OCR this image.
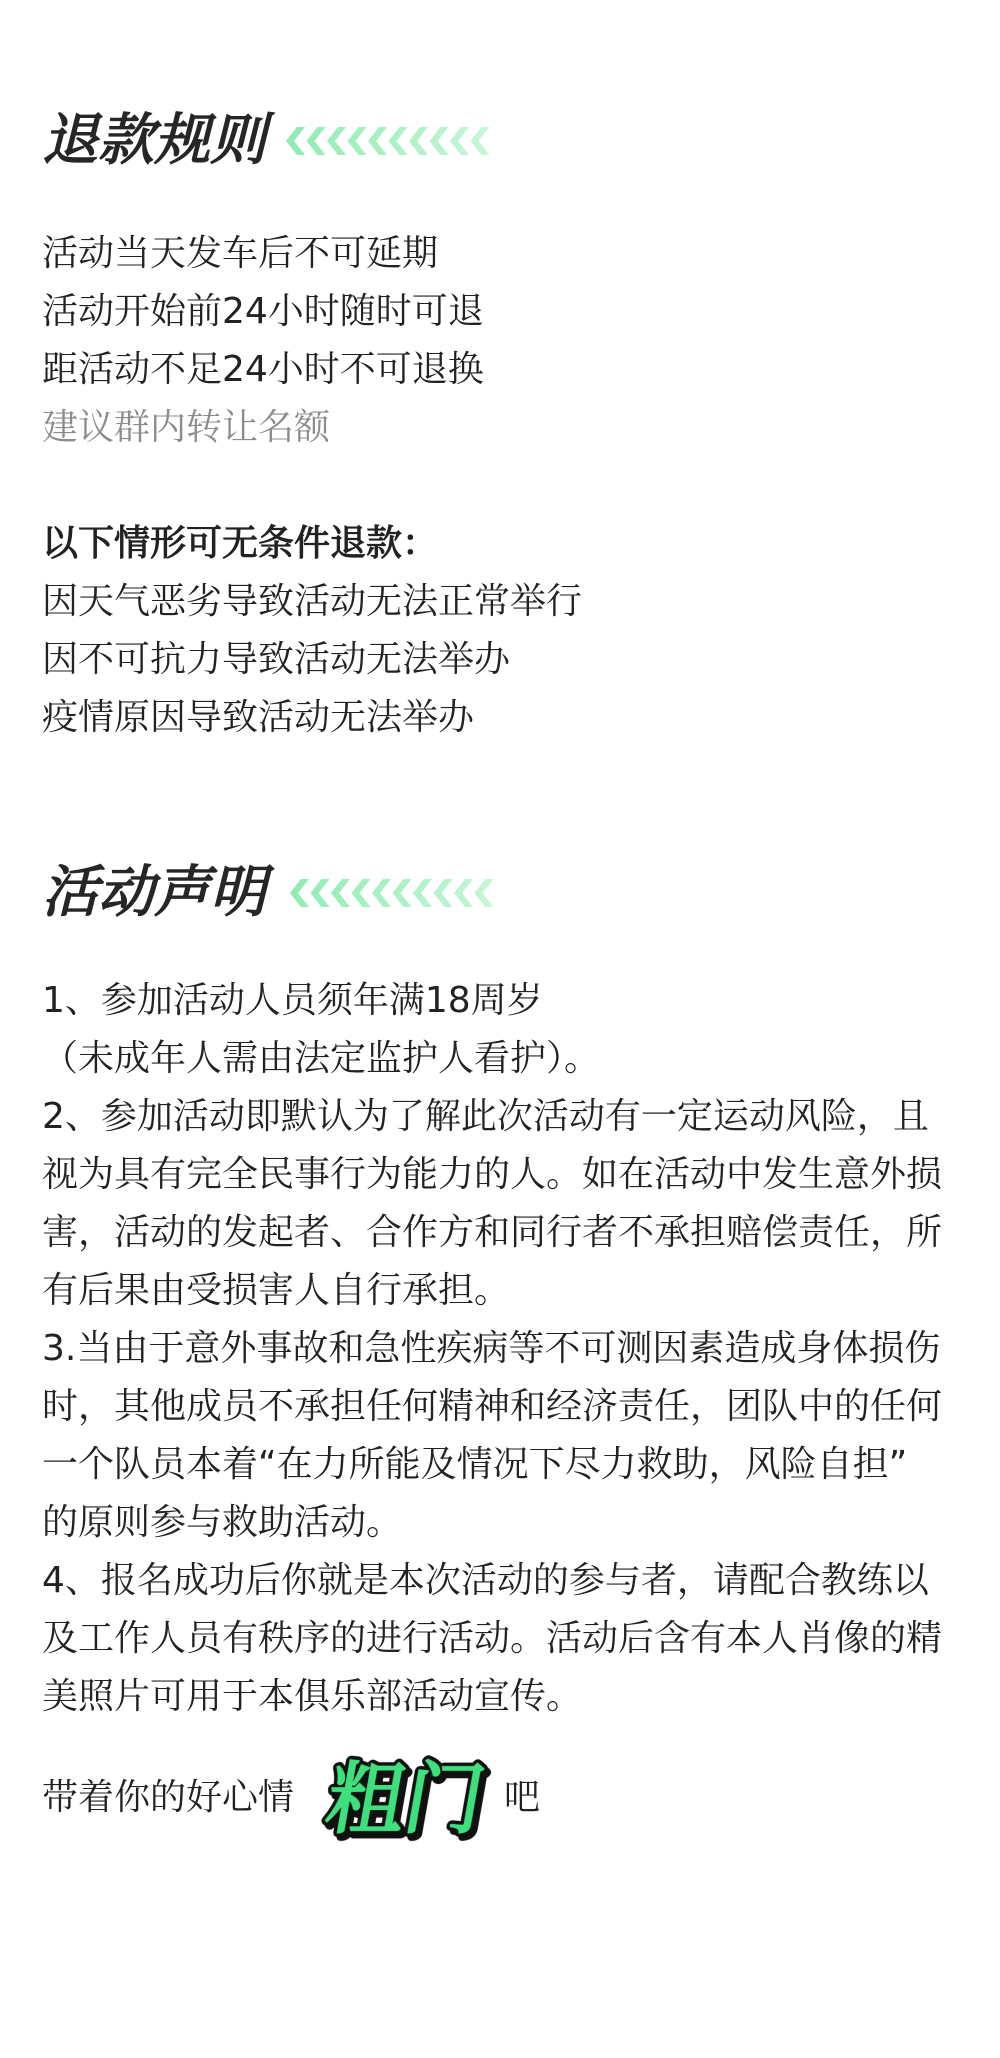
退款规则
活动当天发车后不可延期
活动开始前24小时随时可退
距活动不足24小时不可退换
建议群内转让名额
以下情形可无条件退款：
因天气恶劣导致活动无法正常举行
因不可抗力导致活动无法举办
疫情原因导致活动无法举办
活动声明
1、参加活动人员须年满18周岁
（未成年人需由法定监护人看护）。
2、参加活动即默认为了解此次活动有一定运动风险，且
视为具有完全民事行为能力的人。如在活动中发生意外损
害，活动的发起者、合作方和同行者不承担赔偿责任，所
有后果由受损害人自行承担。
3.当由于意外事故和急性疾病等不可测因素造成身体损伤
时，其他成员不承担任何精神和经济责任，团队中的任何
一个队员本着“在力所能及情况下尽力救助，风险自担”
的原则参与救助活动。
4、报名成功后你就是本次活动的参与者，请配合教练以
及工作人员有秩序的进行活动。活动后含有本人肖像的精
美照片可用于本俱乐部活动宣传。
带着你的好心情 粗门 吧
